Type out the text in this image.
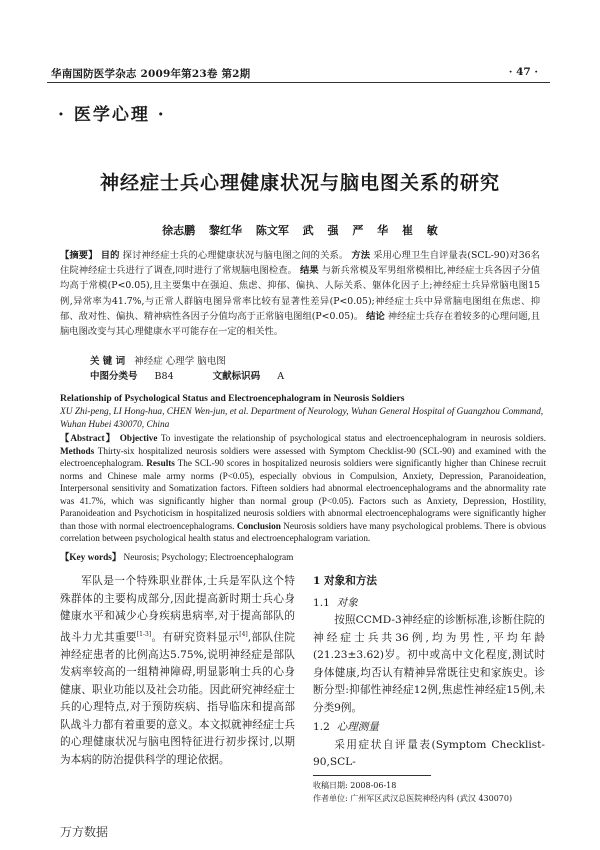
华南国防医学杂志 2009年第23卷 第2期	· 47 ·
· 医学心理 ·
神经症士兵心理健康状况与脑电图关系的研究
徐志鹏 黎红华 陈文军 武 强 严 华 崔 敏
【摘要】 目的 探讨神经症士兵的心理健康状况与脑电图之间的关系。 方法 采用心理卫生自评量表(SCL-90)对36名住院神经症士兵进行了调查,同时进行了常规脑电图检查。 结果 与新兵常模及军男组常模相比,神经症士兵各因子分值均高于常模(P<0.05),且主要集中在强迫、焦虑、抑郁、偏执、人际关系、躯体化因子上;神经症士兵异常脑电图15例,异常率为41.7%,与正常人群脑电图异常率比较有显著性差异(P<0.05);神经症士兵中异常脑电图组在焦虑、抑郁、敌对性、偏执、精神病性各因子分值均高于正常脑电图组(P<0.05)。 结论 神经症士兵存在着较多的心理问题,且脑电图改变与其心理健康水平可能存在一定的相关性。
关 键 词 神经症 心理学 脑电图
中图分类号 B84	文献标识码 A
Relationship of Psychological Status and Electroencephalogram in Neurosis Soldiers
XU Zhi-peng, LI Hong-hua, CHEN Wen-jun, et al. Department of Neurology, Wuhan General Hospital of Guangzhou Command, Wuhan Hubei 430070, China
【Abstract】 Objective To investigate the relationship of psychological status and electroencephalogram in neurosis soldiers. Methods Thirty-six hospitalized neurosis soldiers were assessed with Symptom Checklist-90 (SCL-90) and examined with the electroencephalogram. Results The SCL-90 scores in hospitalized neurosis soldiers were significantly higher than Chinese recruit norms and Chinese male army norms (P<0.05), especially obvious in Compulsion, Anxiety, Depression, Paranoideation, Interpersonal sensitivity and Somatization factors. Fifteen soldiers had abnormal electroencephalograms and the abnormality rate was 41.7%, which was significantly higher than normal group (P<0.05). Factors such as Anxiety, Depression, Hostility, Paranoideation and Psychoticism in hospitalized neurosis soldiers with abnormal electroencephalograms were significantly higher than those with normal electroencephalograms. Conclusion Neurosis soldiers have many psychological problems. There is obvious correlation between psychological health status and electroencephalogram variation.
【Key words】 Neurosis; Psychology; Electroencephalogram
军队是一个特殊职业群体,士兵是军队这个特殊群体的主要构成部分,因此提高新时期士兵心身健康水平和减少心身疾病患病率,对于提高部队的战斗力尤其重要[1-3]。有研究资料显示[4],部队住院神经症患者的比例高达5.75%,说明神经症是部队发病率较高的一组精神障碍,明显影响士兵的心身健康、职业功能以及社会功能。因此研究神经症士兵的心理特点,对于预防疾病、指导临床和提高部队战斗力都有着重要的意义。本文拟就神经症士兵的心理健康状况与脑电图特征进行初步探讨,以期为本病的防治提供科学的理论依据。
1 对象和方法
1.1 对象
按照CCMD-3神经症的诊断标准,诊断住院的神经症士兵共36例,均为男性,平均年龄(21.23±3.62)岁。初中或高中文化程度,测试时身体健康,均否认有精神异常既往史和家族史。诊断分型:抑郁性神经症12例,焦虑性神经症15例,未分类9例。
1.2 心理测量
采用症状自评量表(Symptom Checklist-90,SCL-
收稿日期: 2008-06-18
作者单位: 广州军区武汉总医院神经内科 (武汉 430070)
万方数据
